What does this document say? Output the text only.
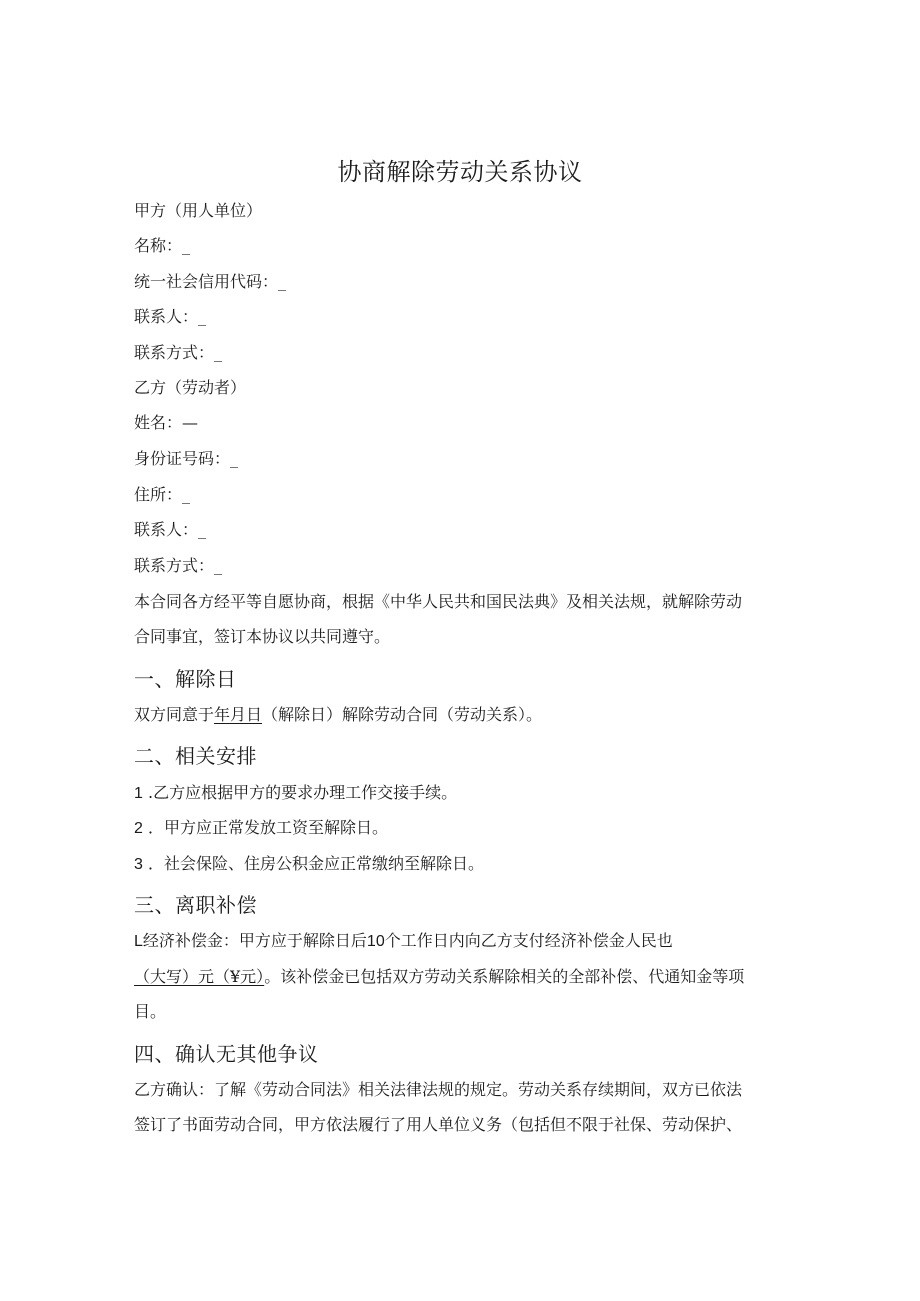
协商解除劳动关系协议
甲方（用人单位）
名称：_
统一社会信用代码：_
联系人：_
联系方式：_
乙方（劳动者）
姓名：—
身份证号码：_
住所：_
联系人：_
联系方式：_
本合同各方经平等自愿协商，根据《中华人民共和国民法典》及相关法规，就解除劳动
合同事宜，签订本协议以共同遵守。
一、解除日
双方同意于年月日（解除日）解除劳动合同（劳动关系）。
二、相关安排
1 .乙方应根据甲方的要求办理工作交接手续。
2 ．甲方应正常发放工资至解除日。
3 ．社会保险、住房公积金应正常缴纳至解除日。
三、离职补偿
L经济补偿金：甲方应于解除日后10个工作日内向乙方支付经济补偿金人民也
（大写）元（¥元）。该补偿金已包括双方劳动关系解除相关的全部补偿、代通知金等项
目。
四、确认无其他争议
乙方确认：了解《劳动合同法》相关法律法规的规定。劳动关系存续期间，双方已依法
签订了书面劳动合同，甲方依法履行了用人单位义务（包括但不限于社保、劳动保护、
